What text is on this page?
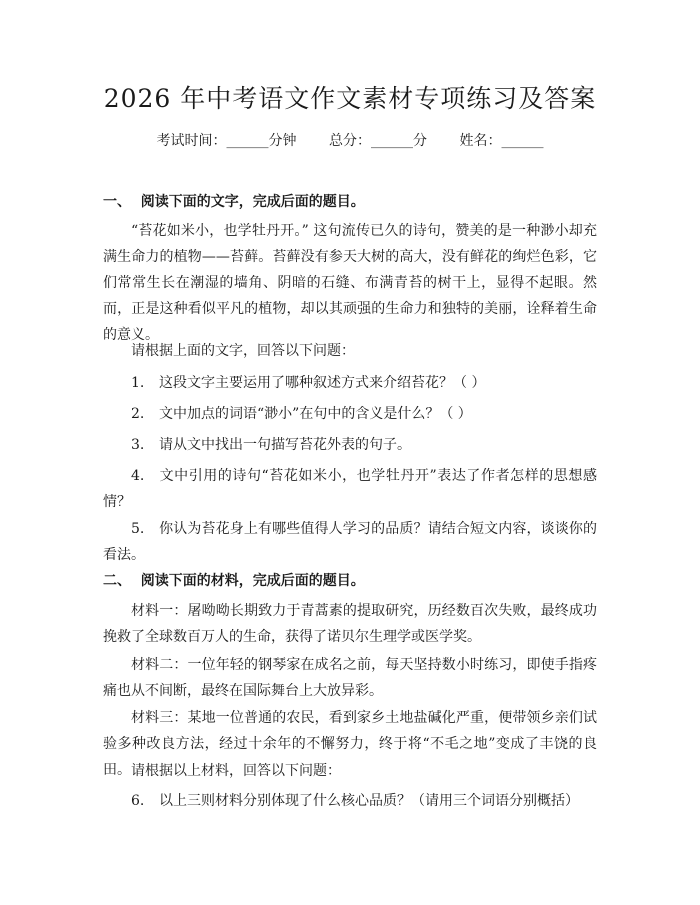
2026 年中考语文作文素材专项练习及答案
考试时间：______分钟 总分：______分 姓名：______
一、  阅读下面的文字，完成后面的题目。
“苔花如米小，也学牡丹开。” 这句流传已久的诗句，赞美的是一种渺小却充满生命力的植物——苔藓。苔藓没有参天大树的高大，没有鲜花的绚烂色彩，它们常常生长在潮湿的墙角、阴暗的石缝、布满青苔的树干上，显得不起眼。然而，正是这种看似平凡的植物，却以其顽强的生命力和独特的美丽，诠释着生命的意义。
请根据上面的文字，回答以下问题：
1. 这段文字主要运用了哪种叙述方式来介绍苔花？（ ）
2. 文中加点的词语“渺小”在句中的含义是什么？（ ）
3. 请从文中找出一句描写苔花外表的句子。
4. 文中引用的诗句“苔花如米小，也学牡丹开”表达了作者怎样的思想感情？
5. 你认为苔花身上有哪些值得人学习的品质？请结合短文内容，谈谈你的看法。
二、  阅读下面的材料，完成后面的题目。
材料一：屠呦呦长期致力于青蒿素的提取研究，历经数百次失败，最终成功挽救了全球数百万人的生命，获得了诺贝尔生理学或医学奖。
材料二：一位年轻的钢琴家在成名之前，每天坚持数小时练习，即使手指疼痛也从不间断，最终在国际舞台上大放异彩。
材料三：某地一位普通的农民，看到家乡土地盐碱化严重，便带领乡亲们试验多种改良方法，经过十余年的不懈努力，终于将“不毛之地”变成了丰饶的良田。 请根据以上材料，回答以下问题：
6. 以上三则材料分别体现了什么核心品质？（请用三个词语分别概括）
